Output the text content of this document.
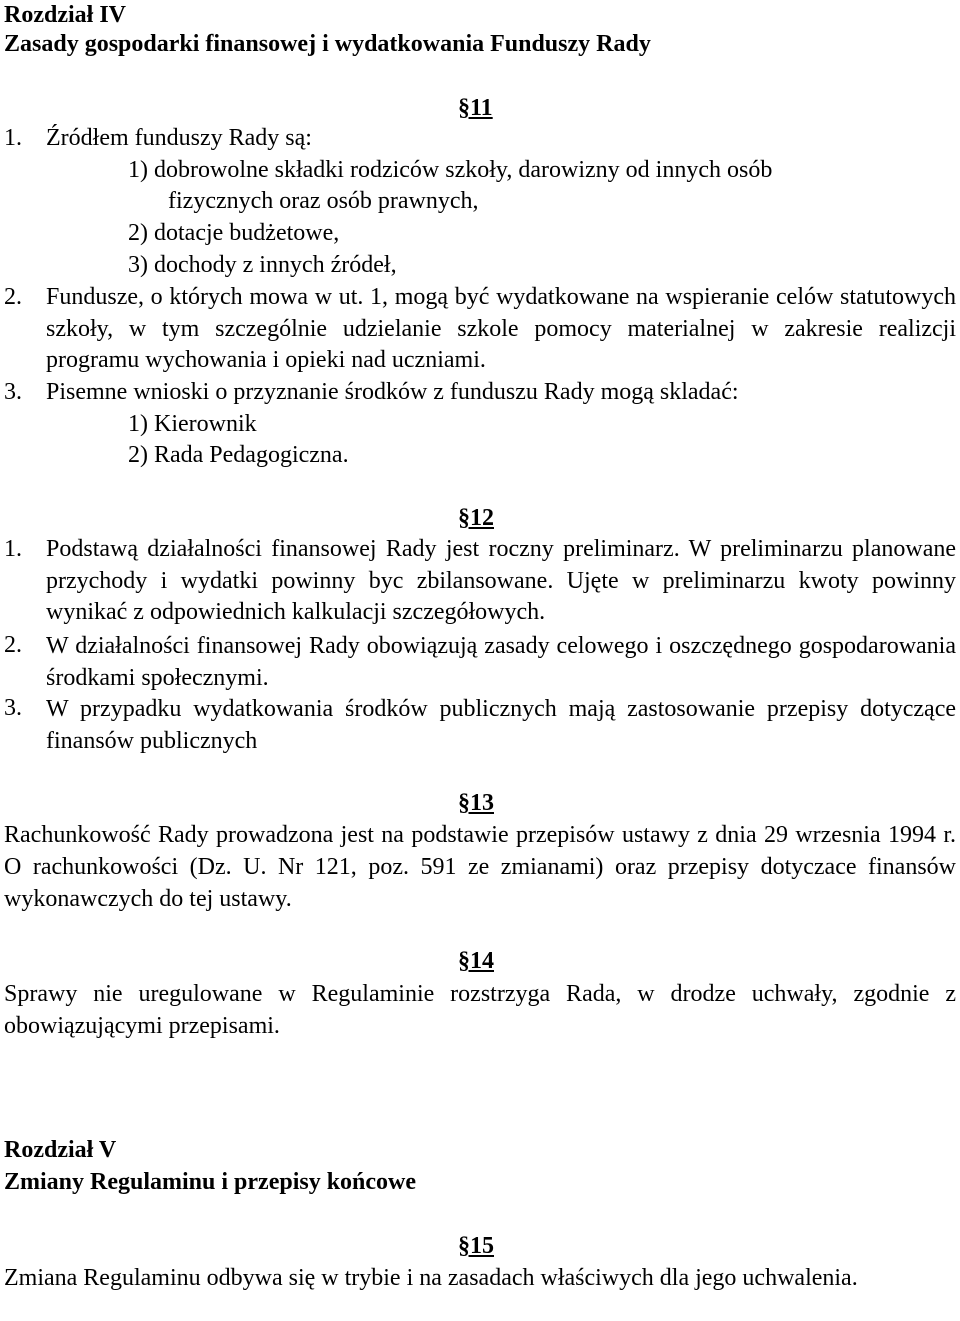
Rozdział IV
Zasady gospodarki finansowej i wydatkowania Funduszy Rady
§11
1. Źródłem funduszy Rady są:
1) dobrowolne składki rodziców szkoły, darowizny od innych osób
fizycznych oraz osób prawnych,
2) dotacje budżetowe,
3) dochody z innych źródeł,
2. Fundusze, o których mowa w ut. 1, mogą być wydatkowane na wspieranie celów statutowych szkoły, w tym szczególnie udzielanie szkole pomocy materialnej w zakresie realizcji programu wychowania i opieki nad uczniami.
3. Pisemne wnioski o przyznanie środków z funduszu Rady mogą skladać:
1) Kierownik
2) Rada Pedagogiczna.
§12
1. Podstawą działalności finansowej Rady jest roczny preliminarz. W preliminarzu planowane przychody i wydatki powinny byc zbilansowane. Ujęte w preliminarzu kwoty powinny wynikać z odpowiednich kalkulacji szczegółowych.
2. W działalności finansowej Rady obowiązują zasady celowego i oszczędnego gospodarowania środkami społecznymi.
3. W przypadku wydatkowania środków publicznych mają zastosowanie przepisy dotyczące finansów publicznych
§13
Rachunkowość Rady prowadzona jest na podstawie przepisów ustawy z dnia 29 wrzesnia 1994 r. O rachunkowości (Dz. U. Nr 121, poz. 591 ze zmianami) oraz przepisy dotyczace finansów wykonawczych do tej ustawy.
§14
Sprawy nie uregulowane w Regulaminie rozstrzyga Rada, w drodze uchwały, zgodnie z obowiązującymi przepisami.
Rozdział V
Zmiany Regulaminu i przepisy końcowe
§15
Zmiana Regulaminu odbywa się w trybie i na zasadach właściwych dla jego uchwalenia.
